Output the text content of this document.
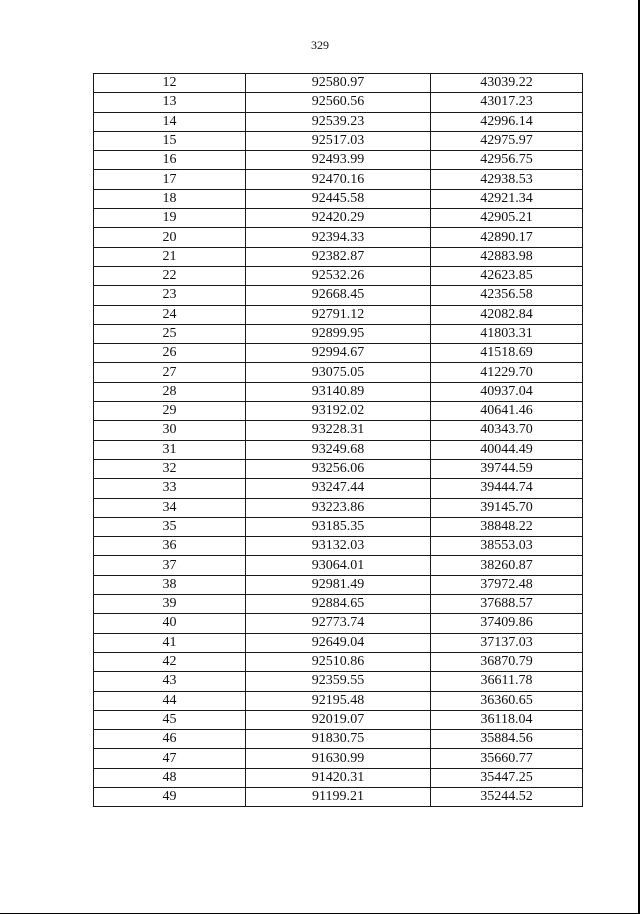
329
12	92580.97	43039.22
13	92560.56	43017.23
14	92539.23	42996.14
15	92517.03	42975.97
16	92493.99	42956.75
17	92470.16	42938.53
18	92445.58	42921.34
19	92420.29	42905.21
20	92394.33	42890.17
21	92382.87	42883.98
22	92532.26	42623.85
23	92668.45	42356.58
24	92791.12	42082.84
25	92899.95	41803.31
26	92994.67	41518.69
27	93075.05	41229.70
28	93140.89	40937.04
29	93192.02	40641.46
30	93228.31	40343.70
31	93249.68	40044.49
32	93256.06	39744.59
33	93247.44	39444.74
34	93223.86	39145.70
35	93185.35	38848.22
36	93132.03	38553.03
37	93064.01	38260.87
38	92981.49	37972.48
39	92884.65	37688.57
40	92773.74	37409.86
41	92649.04	37137.03
42	92510.86	36870.79
43	92359.55	36611.78
44	92195.48	36360.65
45	92019.07	36118.04
46	91830.75	35884.56
47	91630.99	35660.77
48	91420.31	35447.25
49	91199.21	35244.52
